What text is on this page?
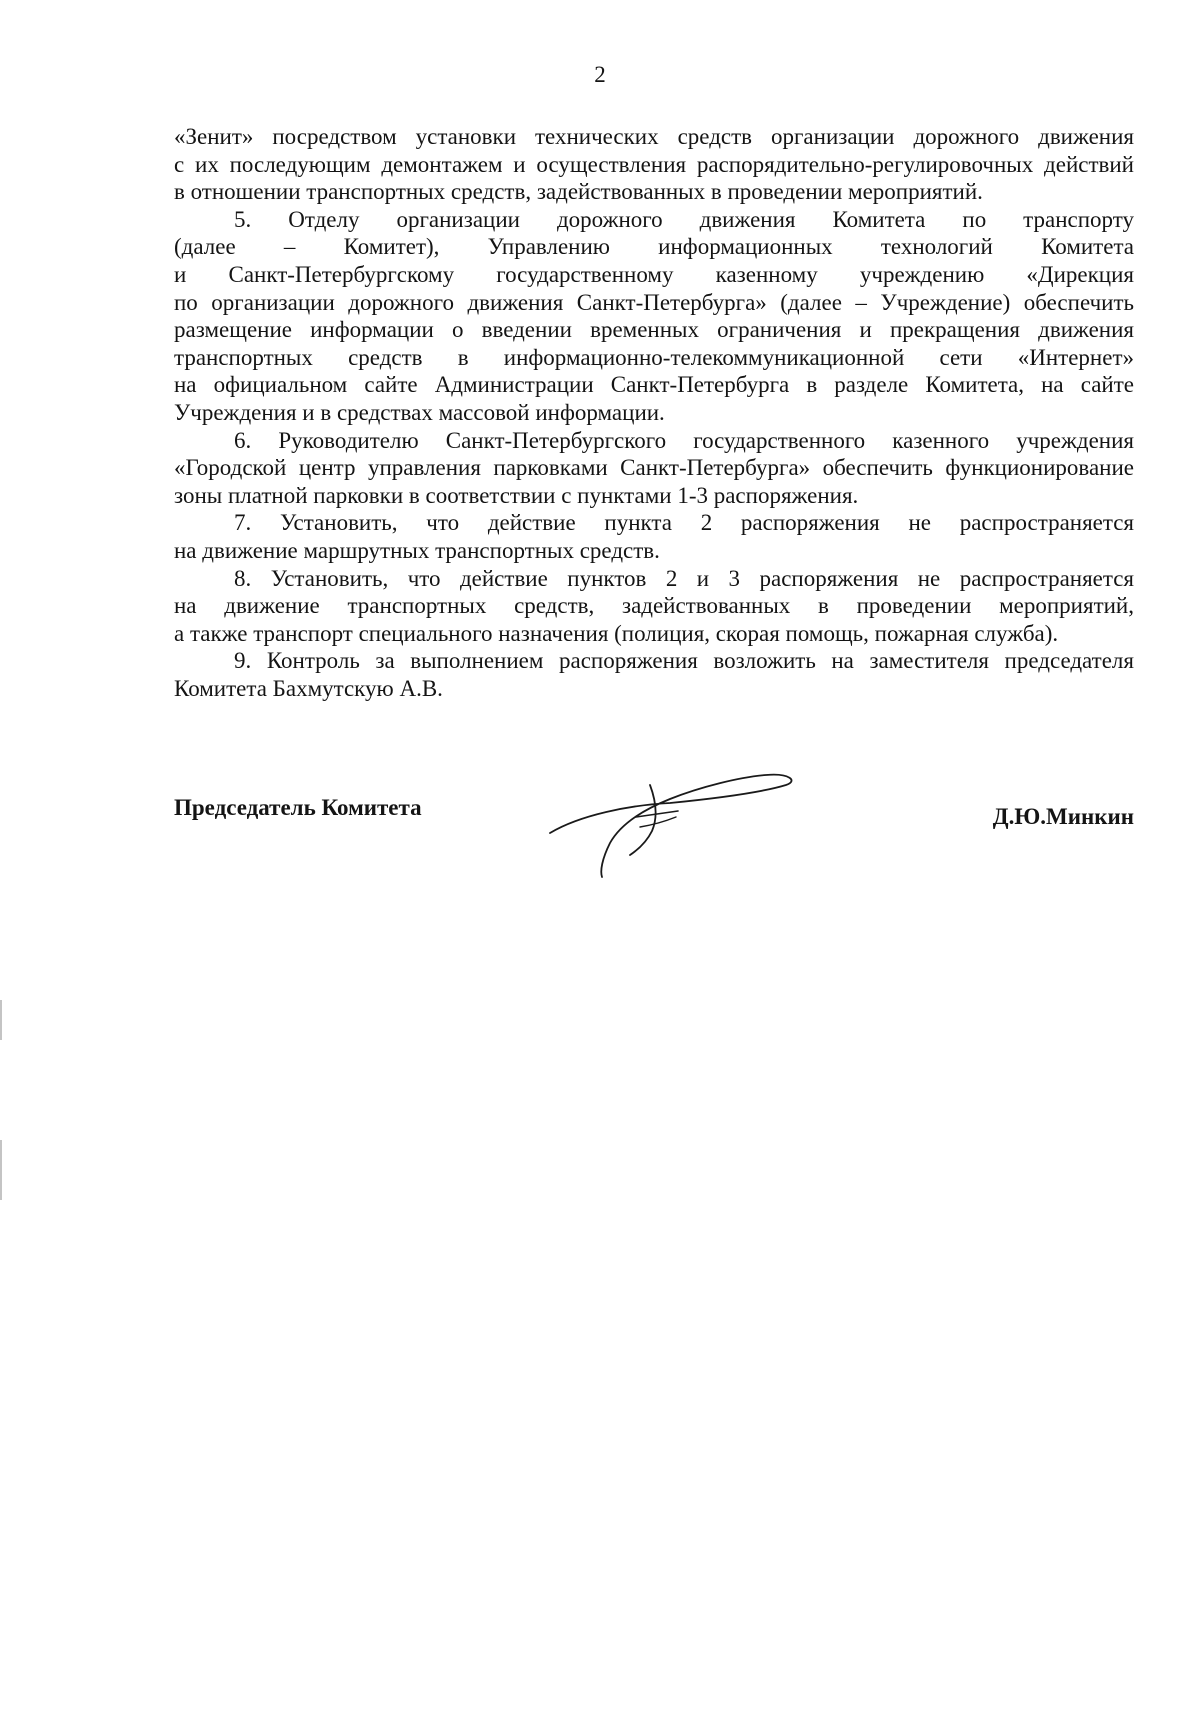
2

«Зенит» посредством установки технических средств организации дорожного движения
с их последующим демонтажем и осуществления распорядительно-регулировочных действий
в отношении транспортных средств, задействованных в проведении мероприятий.

5. Отделу организации дорожного движения Комитета по транспорту
(далее – Комитет), Управлению информационных технологий Комитета
и Санкт-Петербургскому государственному казенному учреждению «Дирекция
по организации дорожного движения Санкт-Петербурга» (далее – Учреждение) обеспечить
размещение информации о введении временных ограничения и прекращения движения
транспортных средств в информационно-телекоммуникационной сети «Интернет»
на официальном сайте Администрации Санкт-Петербурга в разделе Комитета, на сайте
Учреждения и в средствах массовой информации.

6. Руководителю Санкт-Петербургского государственного казенного учреждения
«Городской центр управления парковками Санкт-Петербурга» обеспечить функционирование
зоны платной парковки в соответствии с пунктами 1-3 распоряжения.

7. Установить, что действие пункта 2 распоряжения не распространяется
на движение маршрутных транспортных средств.

8. Установить, что действие пунктов 2 и 3 распоряжения не распространяется
на движение транспортных средств, задействованных в проведении мероприятий,
а также транспорт специального назначения (полиция, скорая помощь, пожарная служба).

9. Контроль за выполнением распоряжения возложить на заместителя председателя
Комитета Бахмутскую А.В.

Председатель Комитета	Д.Ю.Минкин
